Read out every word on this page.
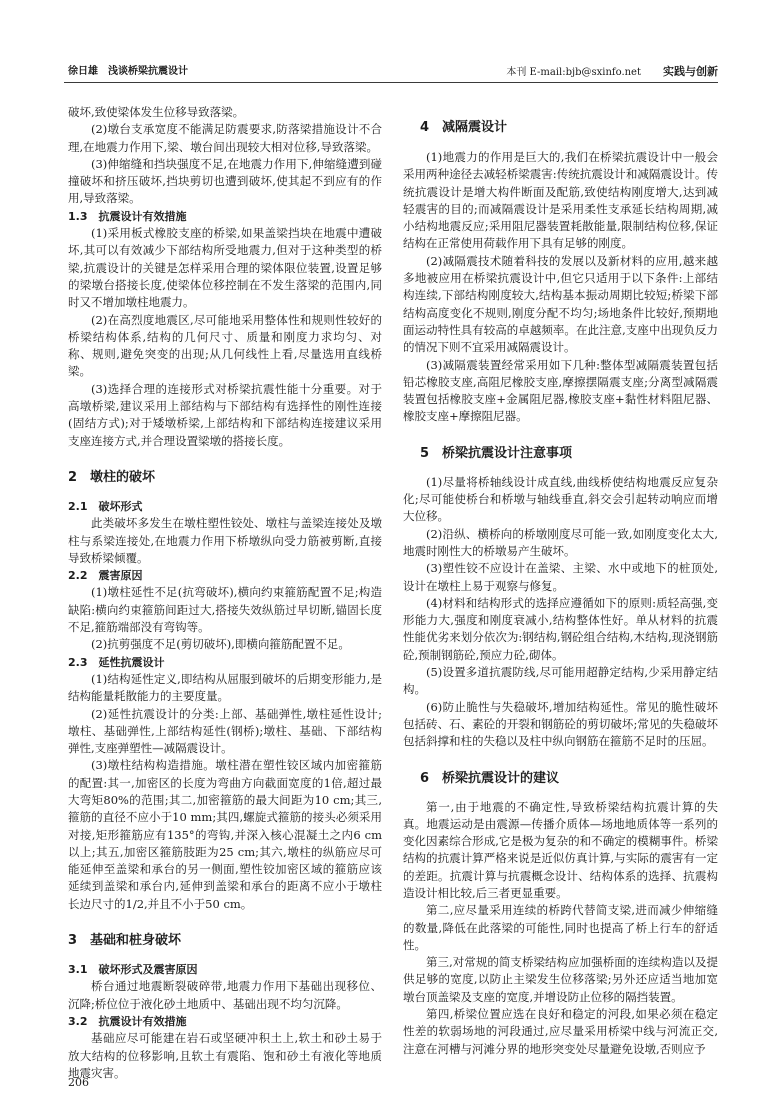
徐日雄　浅谈桥梁抗震设计	本刊 E-mail:bjb@sxinfo.net 实践与创新

破坏,致使梁体发生位移导致落梁。

(2)墩台支承宽度不能满足防震要求,防落梁措施设计不合理,在地震力作用下,梁、墩台间出现较大相对位移,导致落梁。

(3)伸缩缝和挡块强度不足,在地震力作用下,伸缩缝遭到碰撞破坏和挤压破坏,挡块剪切也遭到破坏,使其起不到应有的作用,导致落梁。

1.3　抗震设计有效措施

(1)采用板式橡胶支座的桥梁,如果盖梁挡块在地震中遭破坏,其可以有效减少下部结构所受地震力,但对于这种类型的桥梁,抗震设计的关键是怎样采用合理的梁体限位装置,设置足够的梁墩台搭接长度,使梁体位移控制在不发生落梁的范围内,同时又不增加墩柱地震力。

(2)在高烈度地震区,尽可能地采用整体性和规则性较好的桥梁结构体系,结构的几何尺寸、质量和刚度力求均匀、对称、规则,避免突变的出现;从几何线性上看,尽量选用直线桥梁。

(3)选择合理的连接形式对桥梁抗震性能十分重要。对于高墩桥梁,建议采用上部结构与下部结构有选择性的刚性连接(固结方式);对于矮墩桥梁,上部结构和下部结构连接建议采用支座连接方式,并合理设置梁墩的搭接长度。

2　墩柱的破坏

2.1　破坏形式

此类破坏多发生在墩柱塑性铰处、墩柱与盖梁连接处及墩柱与系梁连接处,在地震力作用下桥墩纵向受力筋被剪断,直接导致桥梁倾覆。

2.2　震害原因

(1)墩柱延性不足(抗弯破坏),横向约束箍筋配置不足;构造缺陷:横向约束箍筋间距过大,搭接失效纵筋过早切断,锚固长度不足,箍筋端部没有弯钩等。

(2)抗剪强度不足(剪切破坏),即横向箍筋配置不足。

2.3　延性抗震设计

(1)结构延性定义,即结构从屈服到破坏的后期变形能力,是结构能量耗散能力的主要度量。

(2)延性抗震设计的分类:上部、基础弹性,墩柱延性设计;墩柱、基础弹性,上部结构延性(钢桥);墩柱、基础、下部结构弹性,支座弹塑性—减隔震设计。

(3)墩柱结构构造措施。墩柱潜在塑性铰区域内加密箍筋的配置:其一,加密区的长度为弯曲方向截面宽度的1倍,超过最大弯矩80%的范围;其二,加密箍筋的最大间距为10 cm;其三,箍筋的直径不应小于10 mm;其四,螺旋式箍筋的接头必须采用对接,矩形箍筋应有135°的弯钩,并深入核心混凝土之内6 cm以上;其五,加密区箍筋肢距为25 cm;其六,墩柱的纵筋应尽可能延伸至盖梁和承台的另一侧面,塑性铰加密区域的箍筋应该延续到盖梁和承台内,延伸到盖梁和承台的距离不应小于墩柱长边尺寸的1/2,并且不小于50 cm。

3　基础和桩身破坏

3.1　破坏形式及震害原因

桥台通过地震断裂破碎带,地震力作用下基础出现移位、沉降;桥位位于液化砂土地质中、基础出现不均匀沉降。

3.2　抗震设计有效措施

基础应尽可能建在岩石或坚硬冲积土上,软土和砂土易于放大结构的位移影响,且软土有震陷、饱和砂土有液化等地质地震灾害。

4　减隔震设计

(1)地震力的作用是巨大的,我们在桥梁抗震设计中一般会采用两种途径去减轻桥梁震害:传统抗震设计和减隔震设计。传统抗震设计是增大构件断面及配筋,致使结构刚度增大,达到减轻震害的目的;而减隔震设计是采用柔性支承延长结构周期,减小结构地震反应;采用阻尼器装置耗散能量,限制结构位移,保证结构在正常使用荷载作用下具有足够的刚度。

(2)减隔震技术随着科技的发展以及新材料的应用,越来越多地被应用在桥梁抗震设计中,但它只适用于以下条件:上部结构连续,下部结构刚度较大,结构基本振动周期比较短;桥梁下部结构高度变化不规则,刚度分配不均匀;场地条件比较好,预期地面运动特性具有较高的卓越频率。在此注意,支座中出现负反力的情况下则不宜采用减隔震设计。

(3)减隔震装置经常采用如下几种:整体型减隔震装置包括铅芯橡胶支座,高阻尼橡胶支座,摩擦摆隔震支座;分离型减隔震装置包括橡胶支座+金属阻尼器,橡胶支座+黏性材料阻尼器、橡胶支座+摩擦阻尼器。

5　桥梁抗震设计注意事项

(1)尽量将桥轴线设计成直线,曲线桥使结构地震反应复杂化;尽可能使桥台和桥墩与轴线垂直,斜交会引起转动响应而增大位移。

(2)沿纵、横桥向的桥墩刚度尽可能一致,如刚度变化太大,地震时刚性大的桥墩易产生破坏。

(3)塑性铰不应设计在盖梁、主梁、水中或地下的桩顶处,设计在墩柱上易于观察与修复。

(4)材料和结构形式的选择应遵循如下的原则:质轻高强,变形能力大,强度和刚度衰减小,结构整体性好。单从材料的抗震性能优劣来划分依次为:钢结构,钢砼组合结构,木结构,现浇钢筋砼,预制钢筋砼,预应力砼,砌体。

(5)设置多道抗震防线,尽可能用超静定结构,少采用静定结构。

(6)防止脆性与失稳破坏,增加结构延性。常见的脆性破坏包括砖、石、素砼的开裂和钢筋砼的剪切破坏;常见的失稳破坏包括斜撑和柱的失稳以及柱中纵向钢筋在箍筋不足时的压屈。

6　桥梁抗震设计的建议

第一,由于地震的不确定性,导致桥梁结构抗震计算的失真。地震运动是由震源—传播介质体—场地地质体等一系列的变化因素综合形成,它是极为复杂的和不确定的模糊事件。桥梁结构的抗震计算严格来说是近似仿真计算,与实际的震害有一定的差距。抗震计算与抗震概念设计、结构体系的选择、抗震构造设计相比较,后三者更显重要。

第二,应尽量采用连续的桥跨代替简支梁,进而减少伸缩缝的数量,降低在此落梁的可能性,同时也提高了桥上行车的舒适性。

第三,对常规的简支桥梁结构应加强桥面的连续构造以及提供足够的宽度,以防止主梁发生位移落梁;另外还应适当地加宽墩台顶盖梁及支座的宽度,并增设防止位移的隔挡装置。

第四,桥梁位置应选在良好和稳定的河段,如果必须在稳定性差的软弱场地的河段通过,应尽量采用桥梁中线与河流正交,注意在河槽与河滩分界的地形突变处尽量避免设墩,否则应予

206
